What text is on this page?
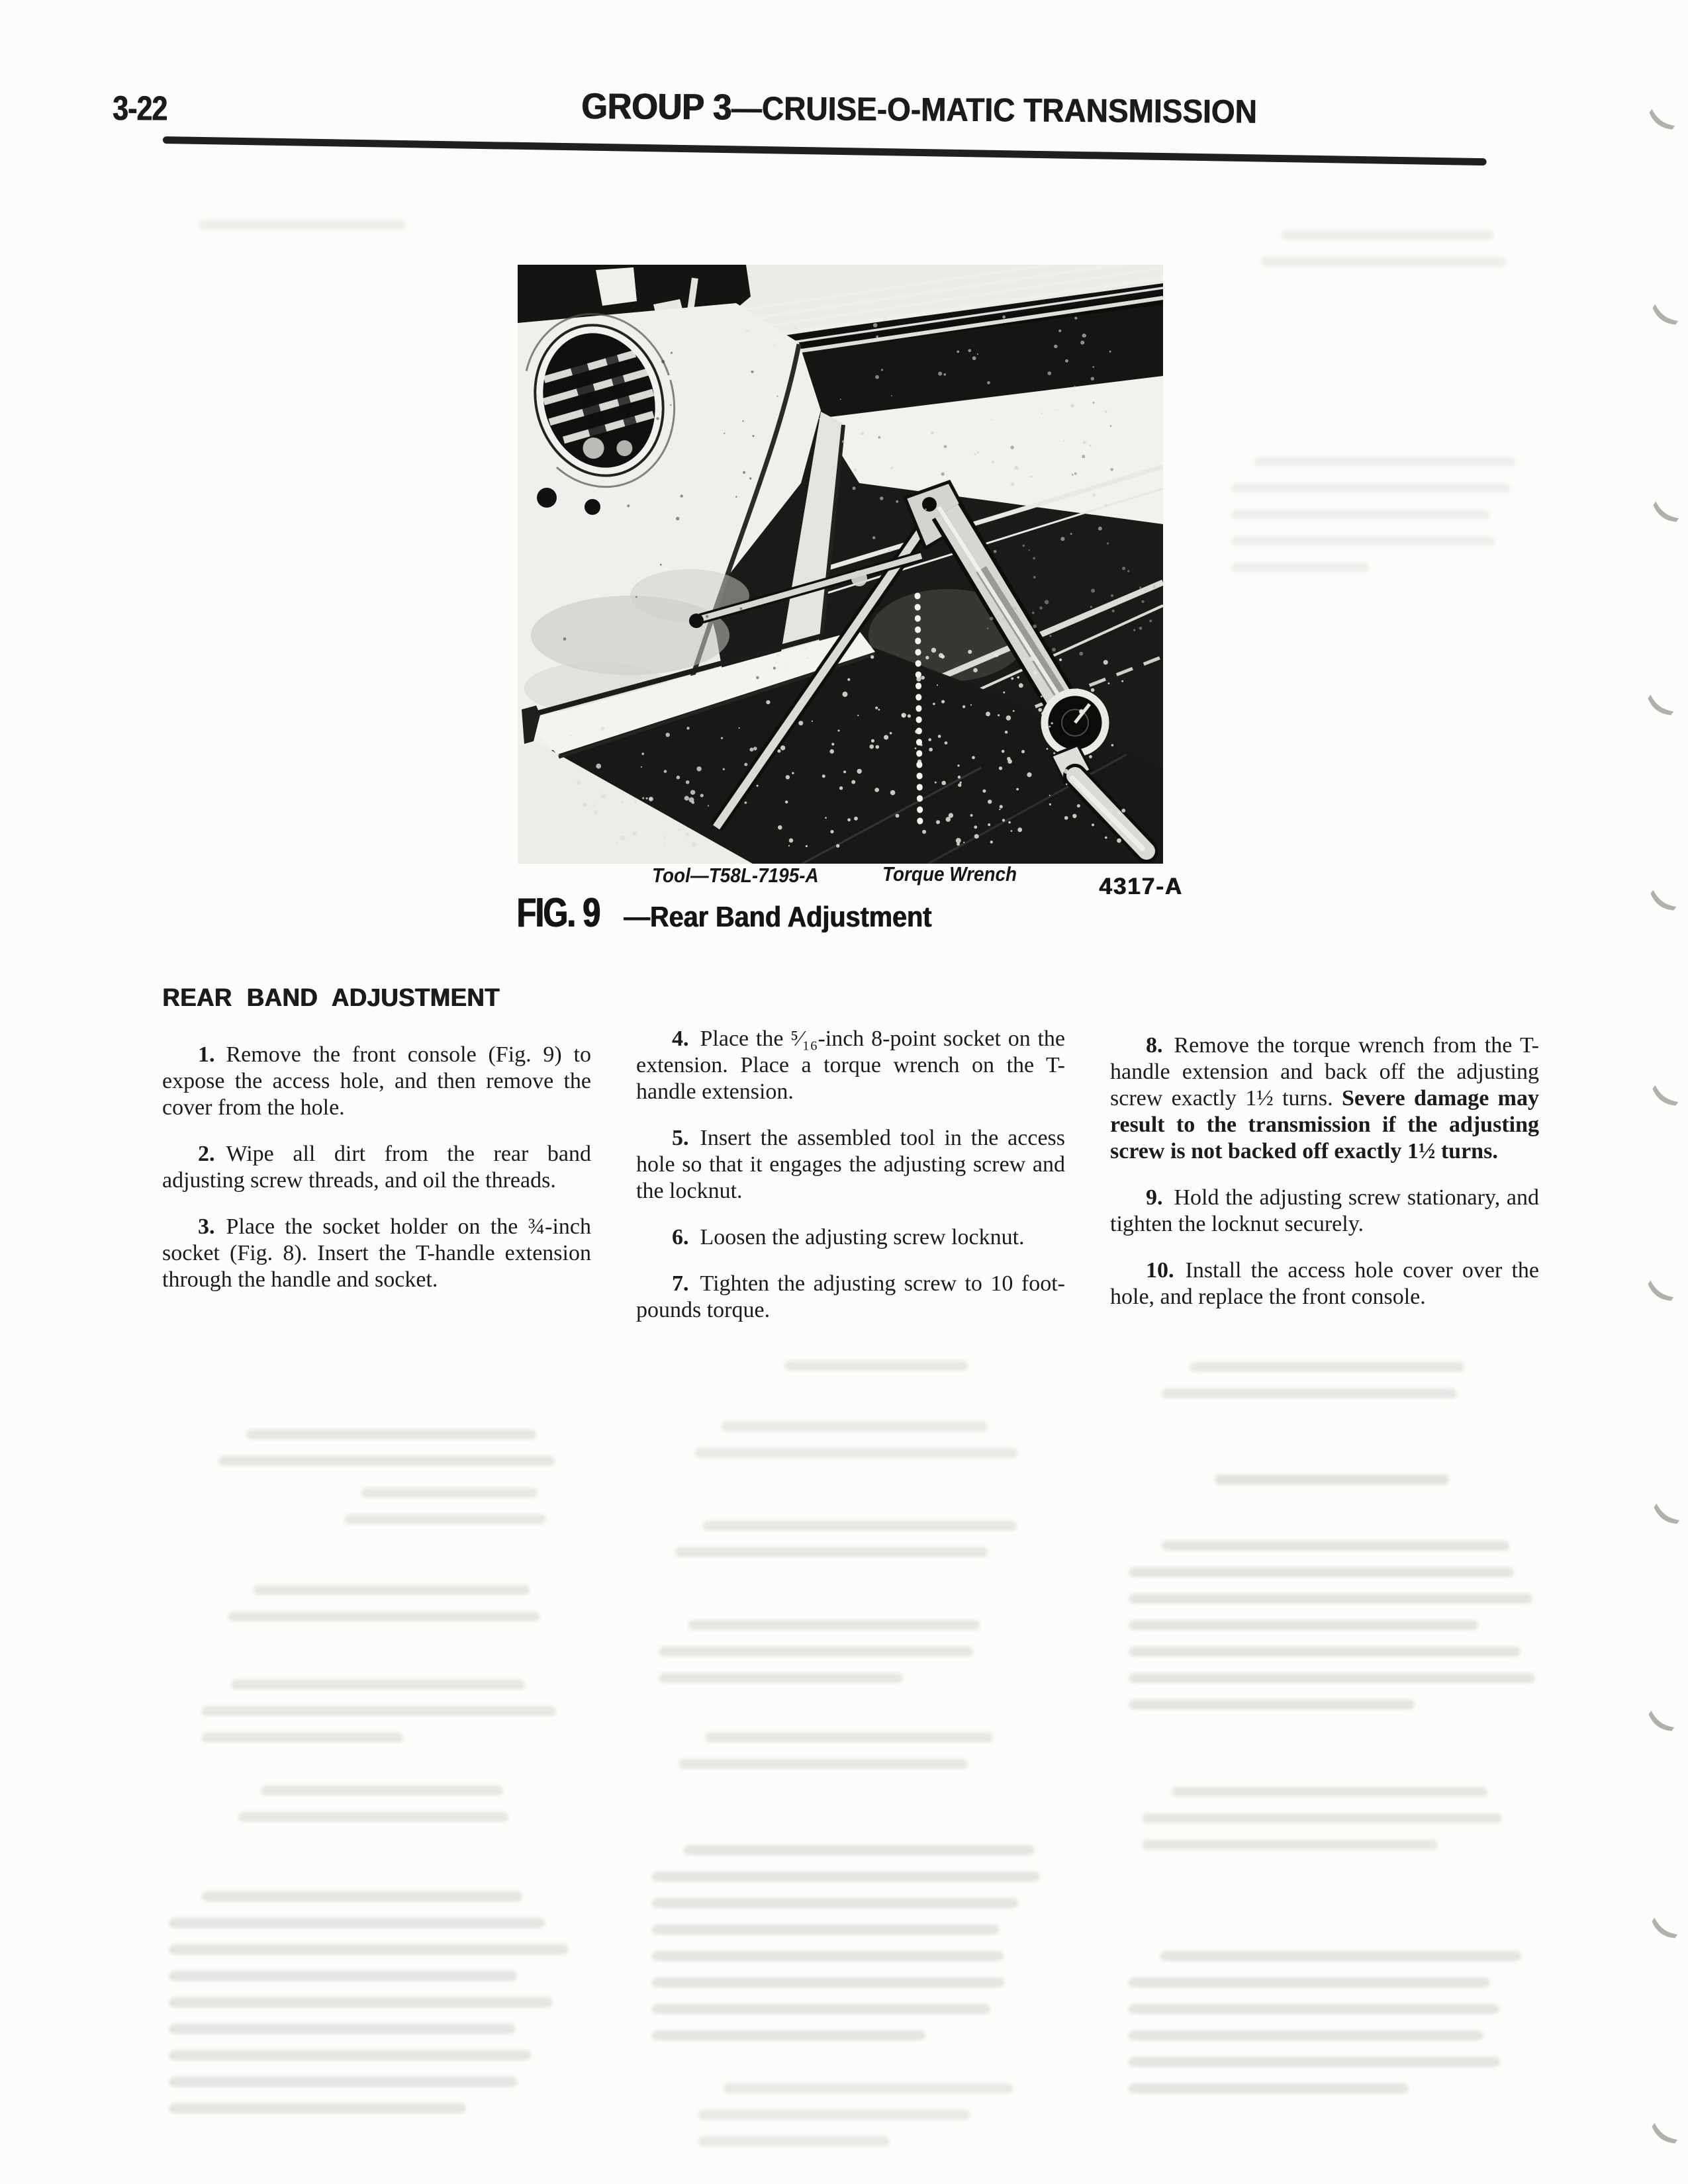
3-22	GROUP 3—CRUISE-O-MATIC TRANSMISSION
Tool—T58L-7195-A	Torque Wrench	4317-A
FIG. 9 —Rear Band Adjustment
REAR BAND ADJUSTMENT

1.  Remove the front console (Fig. 9) to expose the access hole, and then remove the cover from the hole.

2.  Wipe all dirt from the rear band adjusting screw threads, and oil the threads.

3.  Place the socket holder on the ¾-inch socket (Fig. 8). Insert the T-handle extension through the handle and socket.

4.  Place the ⁵⁄₁₆-inch 8-point socket on the extension. Place a torque wrench on the T-handle extension.

5.  Insert the assembled tool in the access hole so that it engages the adjusting screw and the locknut.

6.  Loosen the adjusting screw locknut.

7.  Tighten the adjusting screw to 10 foot-pounds torque.

8.  Remove the torque wrench from the T-handle extension and back off the adjusting screw exactly 1½ turns. Severe damage may result to the transmission if the adjusting screw is not backed off exactly 1½ turns.

9.  Hold the adjusting screw stationary, and tighten the locknut securely.

10.  Install the access hole cover over the hole, and replace the front console.

(
(
(
(
(
(
(
(
(
(
(
